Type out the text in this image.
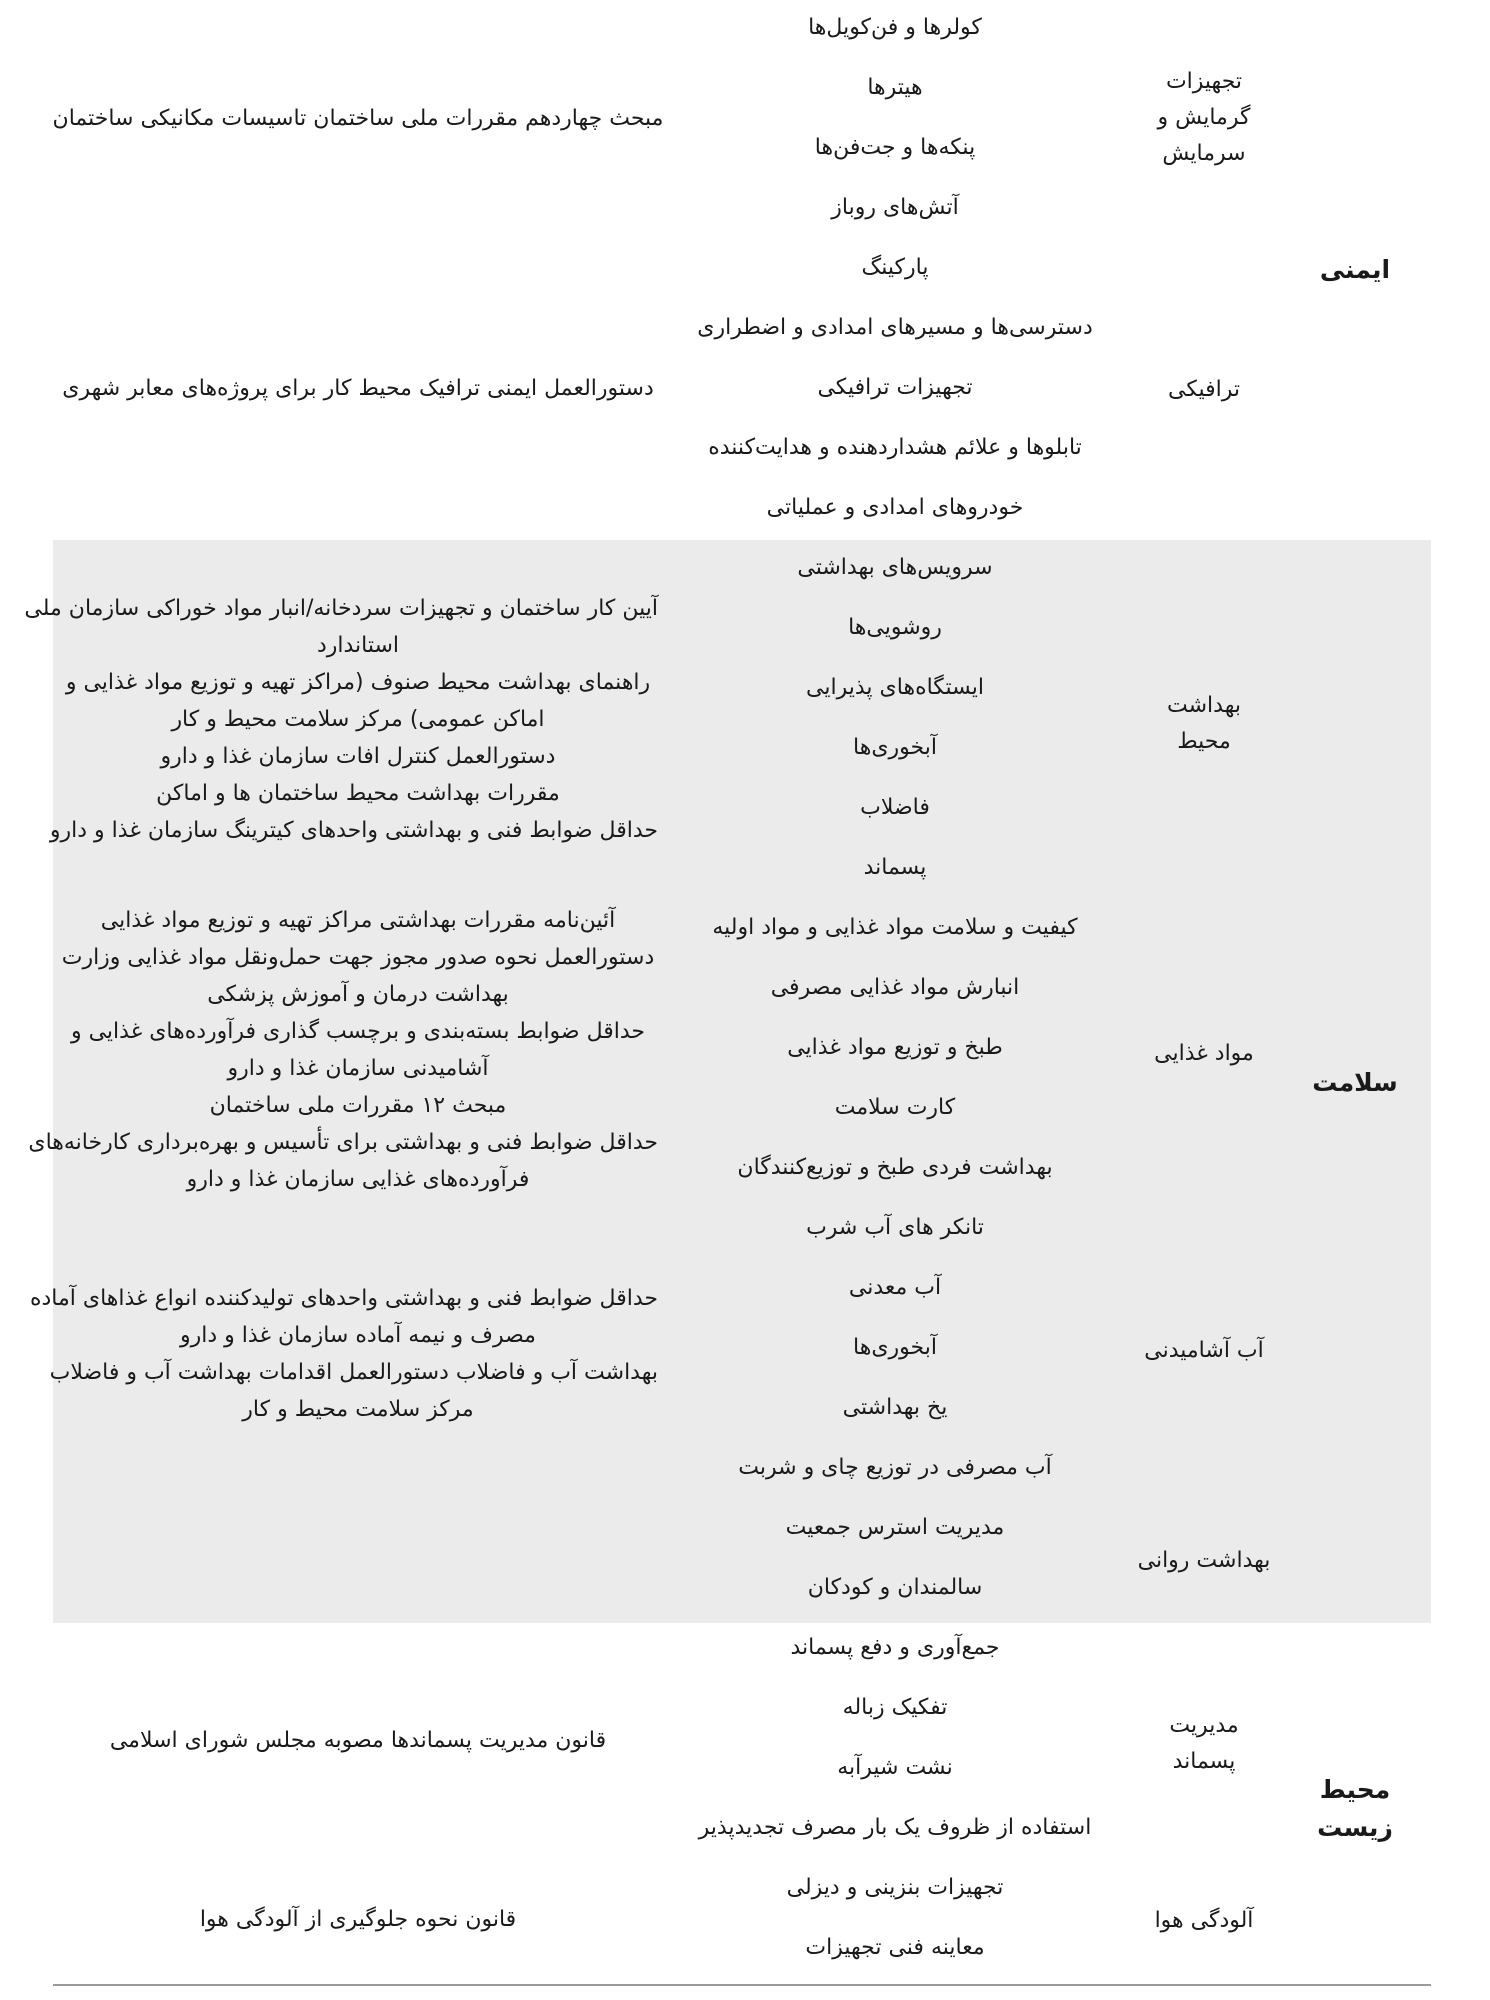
ایمنی
تجهیزات
گرمایش و
سرمایش
کولرها و فن‌کویل‌ها
هیترها
پنکه‌ها و جت‌فن‌ها
آتش‌های روباز
پارکینگ
مبحث چهاردهم مقررات ملی ساختمان تاسیسات مکانیکی ساختمان
ترافیکی
دسترسی‌ها و مسیرهای امدادی و اضطراری
تجهیزات ترافیکی
تابلوها و علائم هشداردهنده و هدایت‌کننده
خودروهای امدادی و عملیاتی
دستورالعمل ایمنی ترافیک محیط کار برای پروژه‌های معابر شهری
سلامت
بهداشت
محیط
سرویس‌های بهداشتی
روشویی‌ها
ایستگاه‌های پذیرایی
آبخوری‌ها
فاضلاب
پسماند
آیین کار ساختمان و تجهیزات سردخانه/انبار مواد خوراکی سازمان ملی
استاندارد
راهنمای بهداشت محیط صنوف (مراکز تهیه و توزیع مواد غذایی و
اماکن عمومی) مرکز سلامت محیط و کار
دستورالعمل کنترل افات سازمان غذا و دارو
مقررات بهداشت محیط ساختمان ها و اماکن
حداقل ضوابط فنی و بهداشتی واحدهای کیترینگ سازمان غذا و دارو
مواد غذایی
کیفیت و سلامت مواد غذایی و مواد اولیه
انبارش مواد غذایی مصرفی
طبخ و توزیع مواد غذایی
کارت سلامت
بهداشت فردی طبخ و توزیع‌کنندگان
تانکر های آب شرب
آئین‌نامه مقررات بهداشتی مراکز تهیه و توزیع مواد غذایی
دستورالعمل نحوه صدور مجوز جهت حمل‌ونقل مواد غذایی وزارت
بهداشت درمان و آموزش پزشکی
حداقل ضوابط بسته‌بندی و برچسب گذاری فرآورده‌های غذایی و
آشامیدنی سازمان غذا و دارو
مبحث ۱۲ مقررات ملی ساختمان
حداقل ضوابط فنی و بهداشتی برای تأسیس و بهره‌برداری کارخانه‌های
فرآورده‌های غذایی سازمان غذا و دارو
آب آشامیدنی
آب معدنی
آبخوری‌ها
یخ بهداشتی
آب مصرفی در توزیع چای و شربت
حداقل ضوابط فنی و بهداشتی واحدهای تولیدکننده انواع غذاهای آماده
مصرف و نیمه آماده سازمان غذا و دارو
بهداشت آب و فاضلاب دستورالعمل اقدامات بهداشت آب و فاضلاب
مرکز سلامت محیط و کار
بهداشت روانی
مدیریت استرس جمعیت
سالمندان و کودکان
محیط
زیست
مدیریت
پسماند
جمع‌آوری و دفع پسماند
تفکیک زباله
نشت شیرآبه
استفاده از ظروف یک بار مصرف تجدیدپذیر
قانون مدیریت پسماندها مصوبه مجلس شورای اسلامی
آلودگی هوا
تجهیزات بنزینی و دیزلی
معاینه فنی تجهیزات
قانون نحوه جلوگیری از آلودگی هوا
